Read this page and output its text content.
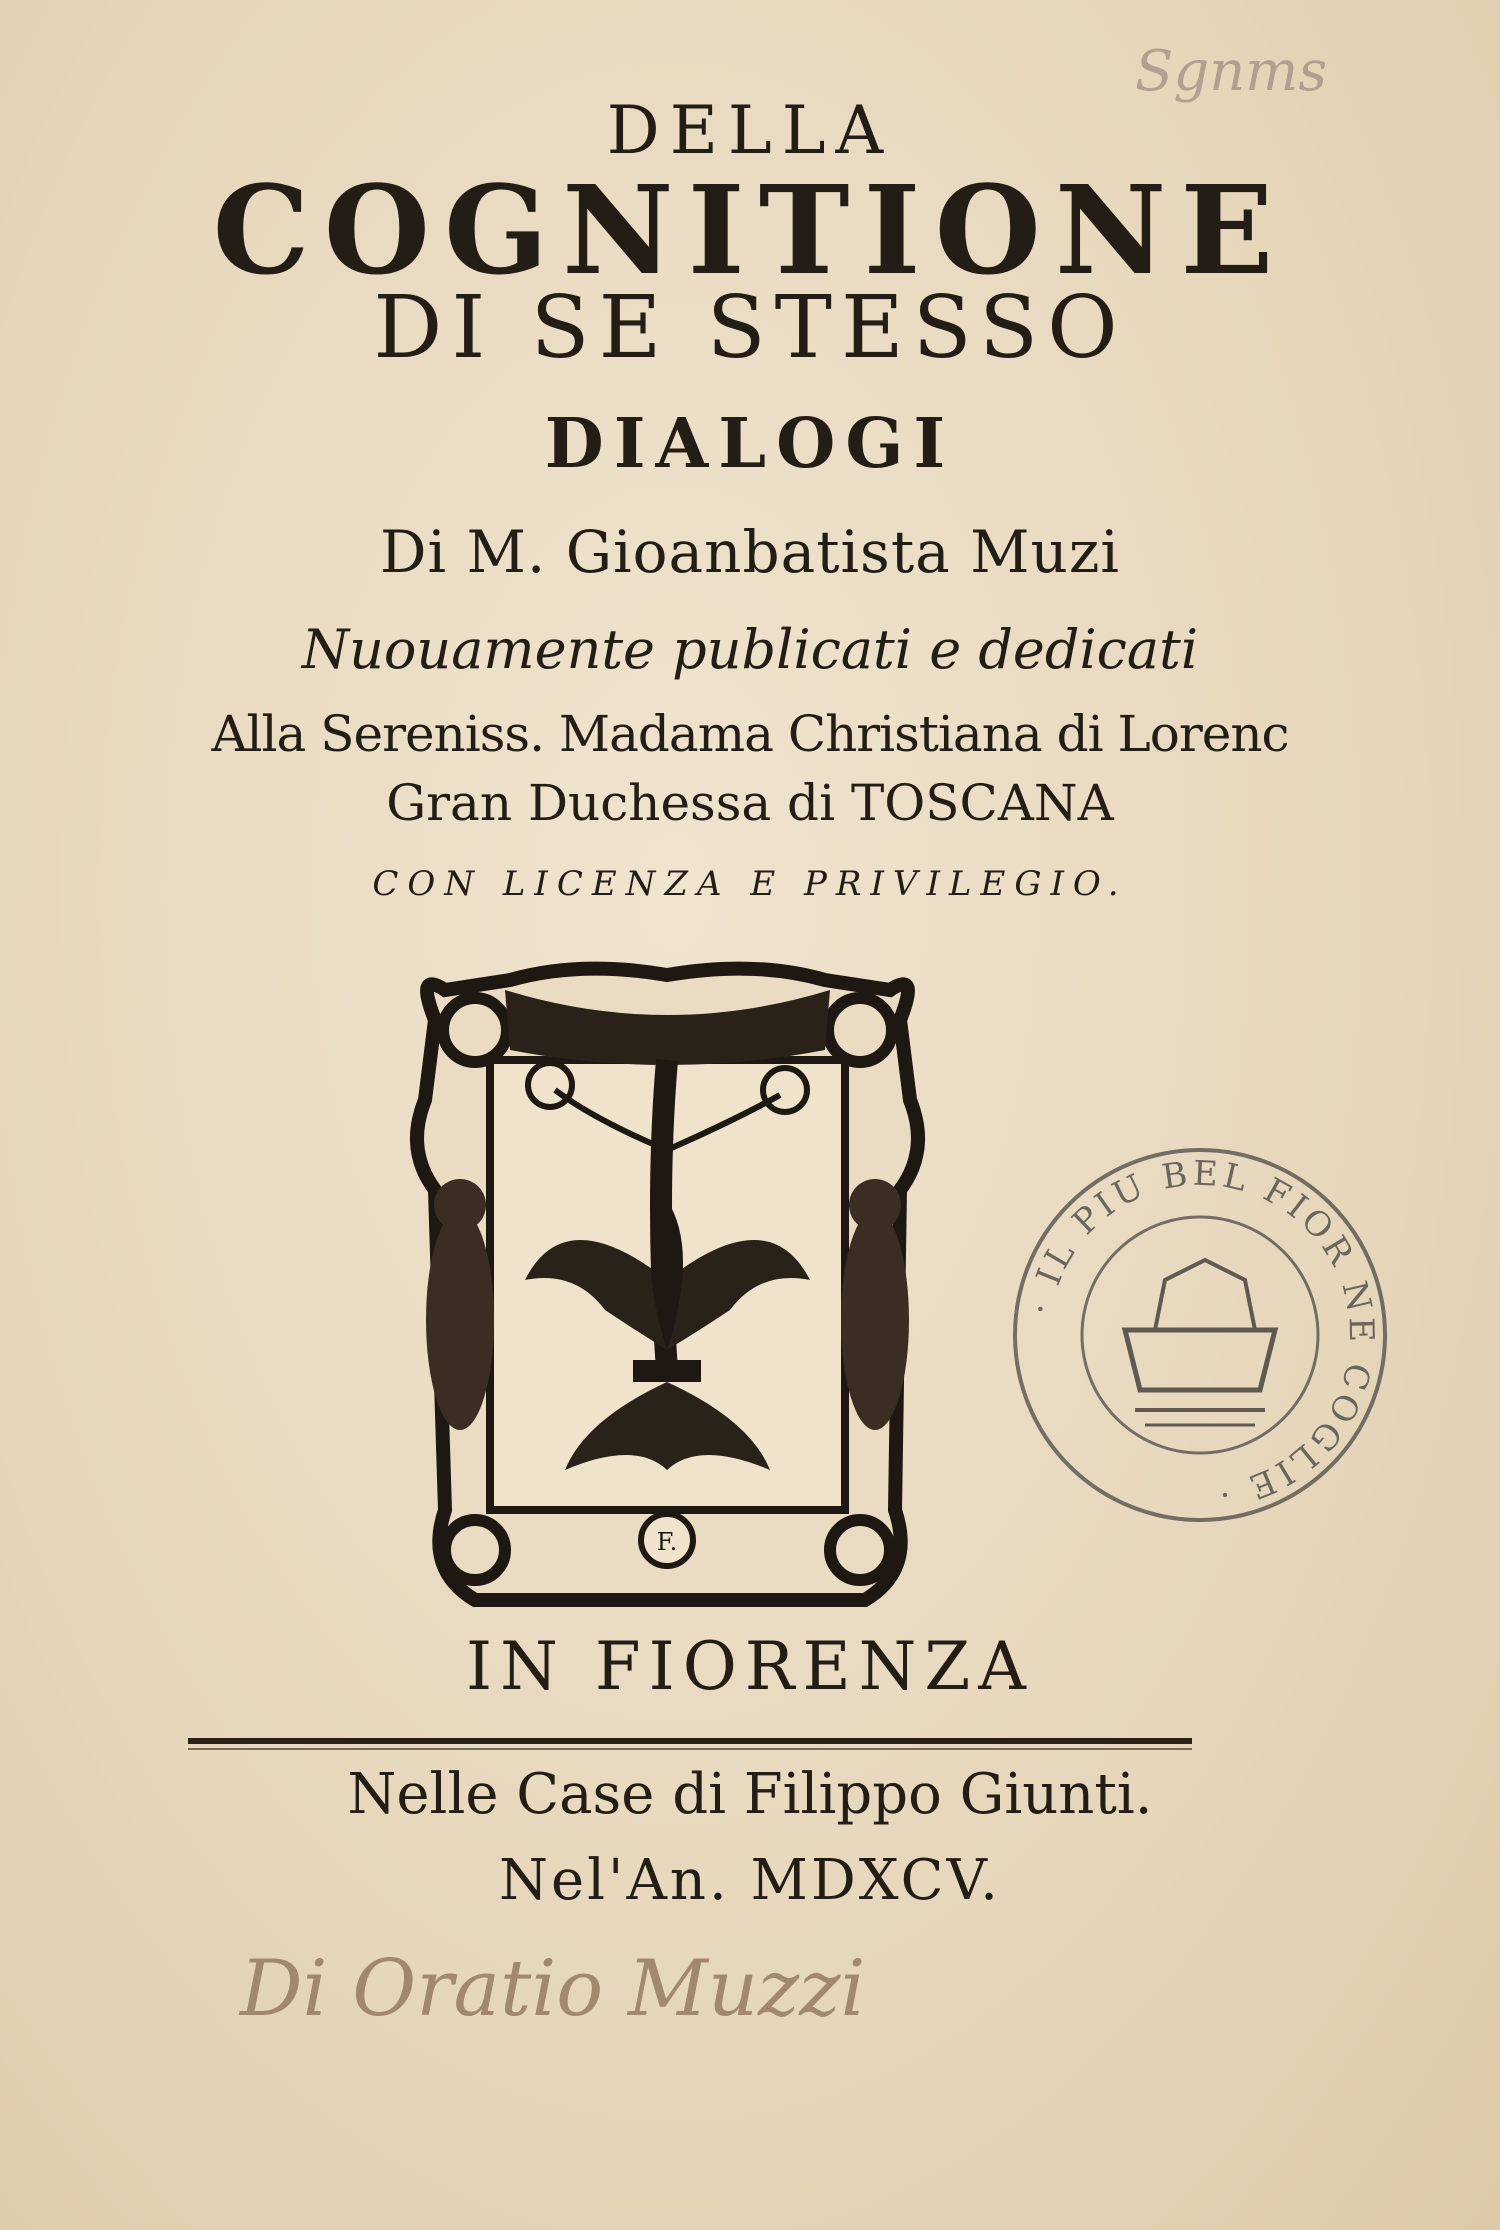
Sgnms
DELLA
COGNITIONE
DI SE STESSO
DIALOGI
Di M. Gioanbatista Muzi
Nuouamente publicati e dedicati
Alla Sereniss. Madama Christiana di Lorenc
Gran Duchessa di TOSCANA
CON LICENZA E PRIVILEGIO.
F.
· IL PIU BEL FIOR NE COGLIE ·
IN FIORENZA
Nelle Case di Filippo Giunti.
Nel'An. MDXCV.
Di Oratio Muzzi
